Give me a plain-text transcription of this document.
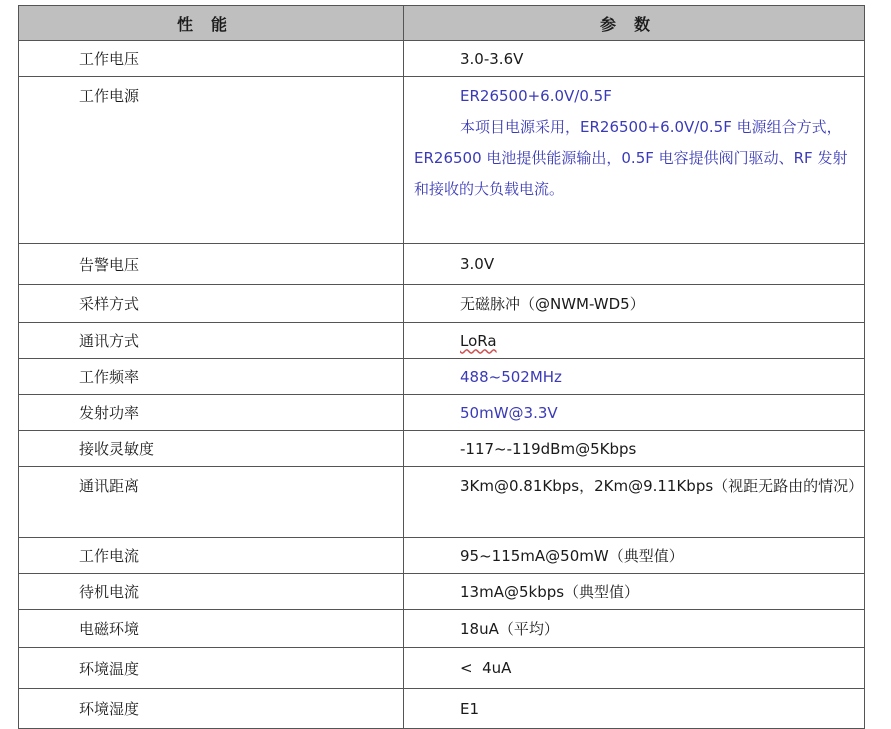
性能	参数
工作电压	3.0-3.6V
工作电源	ER26500+6.0V/0.5F
本项目电源采用，ER26500+6.0V/0.5F 电源组合方式，ER26500 电池提供能源输出，0.5F 电容提供阀门驱动、RF 发射和接收的大负载电流。

告警电压	3.0V
采样方式	无磁脉冲（@NWM-WD5）
通讯方式	LoRa
工作频率	488~502MHz
发射功率	50mW@3.3V
接收灵敏度	-117~-119dBm@5Kbps
通讯距离	3Km@0.81Kbps，2Km@9.11Kbps（视距无路由的情况）

工作电流	95~115mA@50mW（典型值）
待机电流	13mA@5kbps（典型值）
电磁环境	18uA（平均）
环境温度	<  4uA
环境湿度	E1
